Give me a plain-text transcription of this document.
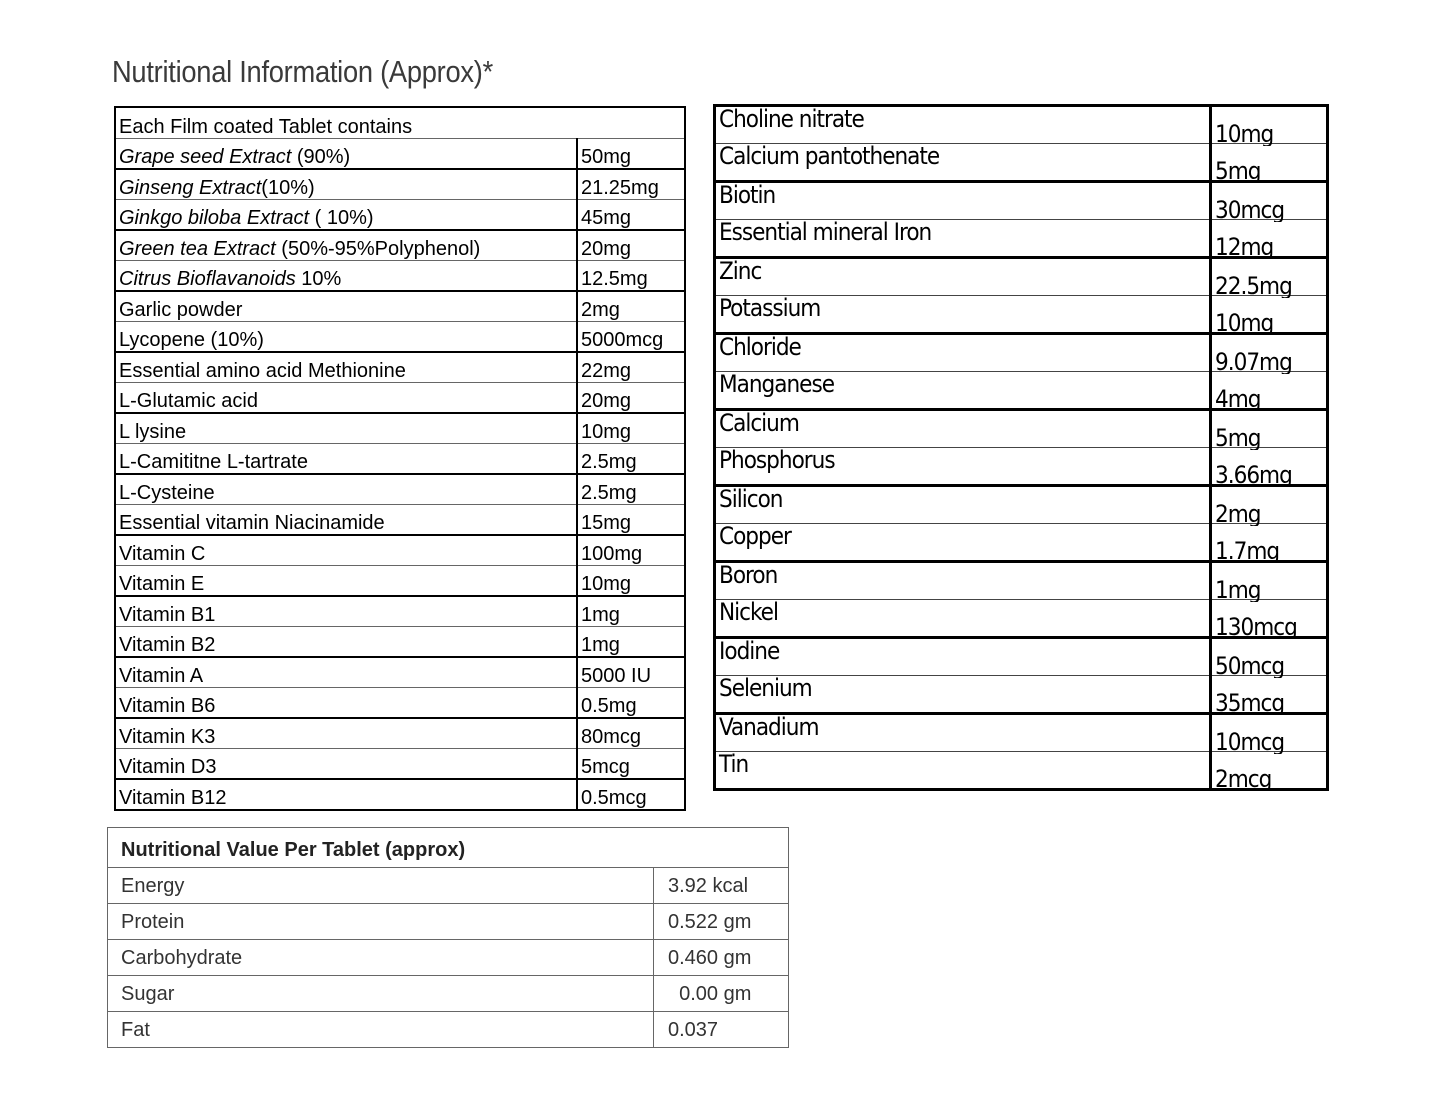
Nutritional Information (Approx)*
Each Film coated Tablet contains	
Grape seed Extract (90%)	50mg
Ginseng Extract(10%)	21.25mg
Ginkgo biloba Extract ( 10%)	45mg
Green tea Extract (50%-95%Polyphenol)	20mg
Citrus Bioflavanoids 10%	12.5mg
Garlic powder	2mg
Lycopene (10%)	5000mcg
Essential amino acid Methionine	22mg
L-Glutamic acid	20mg
L lysine	10mg
L-Camititne L-tartrate	2.5mg
L-Cysteine	2.5mg
Essential vitamin Niacinamide	15mg
Vitamin C	100mg
Vitamin E	10mg
Vitamin B1	1mg
Vitamin B2	1mg
Vitamin A	5000 IU
Vitamin B6	0.5mg
Vitamin K3	80mcg
Vitamin D3	5mcg
Vitamin B12	0.5mcg
Choline nitrate	10mg
Calcium pantothenate	5mg
Biotin	30mcg
Essential mineral Iron	12mg
Zinc	22.5mg
Potassium	10mg
Chloride	9.07mg
Manganese	4mg
Calcium	5mg
Phosphorus	3.66mg
Silicon	2mg
Copper	1.7mg
Boron	1mg
Nickel	130mcg
Iodine	50mcg
Selenium	35mcg
Vanadium	10mcg
Tin	2mcg
Nutritional Value Per Tablet (approx)	
Energy	3.92 kcal
Protein	0.522 gm
Carbohydrate	0.460 gm
Sugar	0.00 gm
Fat	0.037
